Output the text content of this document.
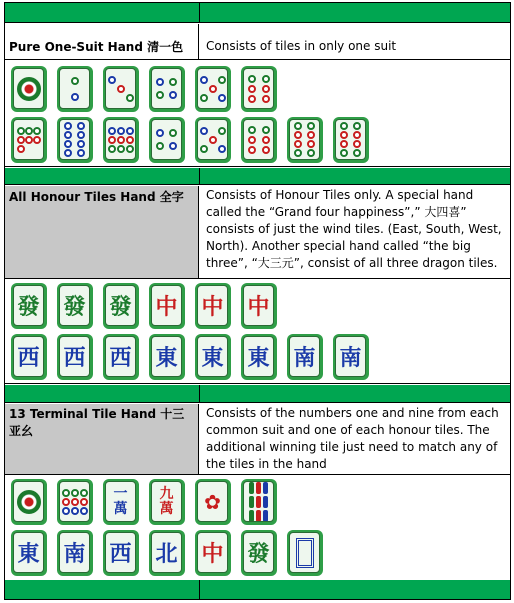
Pure One-Suit Hand 清一色	Consists of tiles in only one suit
All Honour Tiles Hand 全字	Consists of Honour Tiles only. A special hand called the “Grand four happiness”,” 大四喜” consists of just the wind tiles. (East, South, West, North). Another special hand called “the big three”, “大三元”, consist of all three dragon tiles.
發 發 發 中 中 中
西 西 西 東 東 東 南 南
13 Terminal Tile Hand 十三亚幺
Consists of the numbers one and nine from each common suit and one of each honour tiles. The additional winning tile just need to match any of the tiles in the hand
一
萬
九
萬 ✿
東 南 西 北 中 發
